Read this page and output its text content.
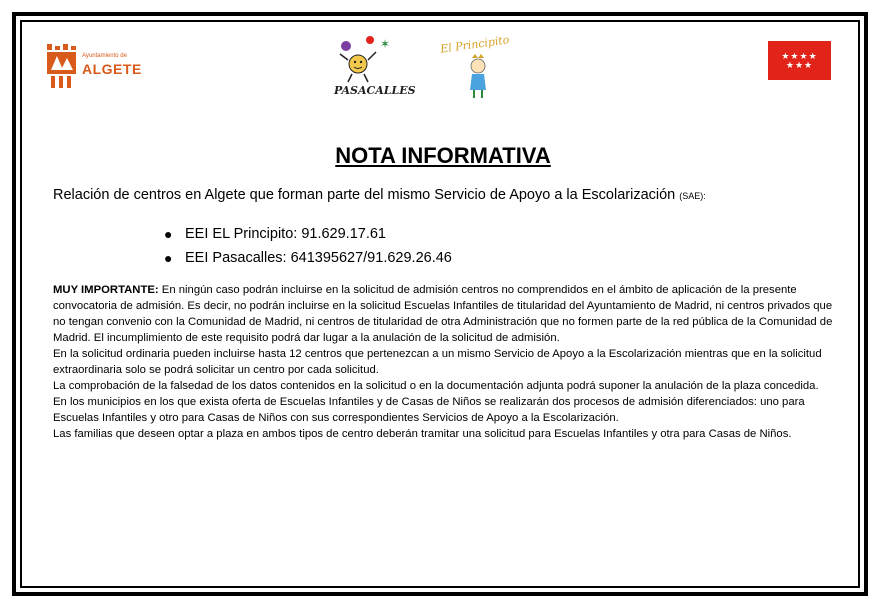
Ayuntamiento de
ALGETE
✶
PASACALLES
El Principito	★★★★
★★★
NOTA INFORMATIVA
Relación de centros en Algete que forman parte del mismo Servicio de Apoyo a la Escolarización (SAE):
● EEI EL Principito: 91.629.17.61
● EEI Pasacalles: 641395627/91.629.26.46

MUY IMPORTANTE: En ningún caso podrán incluirse en la solicitud de admisión centros no comprendidos en el ámbito de aplicación de la presente convocatoria de admisión. Es decir, no podrán incluirse en la solicitud Escuelas Infantiles de titularidad del Ayuntamiento de Madrid, ni centros privados que no tengan convenio con la Comunidad de Madrid, ni centros de titularidad de otra Administración que no formen parte de la red pública de la Comunidad de Madrid. El incumplimiento de este requisito podrá dar lugar a la anulación de la solicitud de admisión.

En la solicitud ordinaria pueden incluirse hasta 12 centros que pertenezcan a un mismo Servicio de Apoyo a la Escolarización mientras que en la solicitud extraordinaria solo se podrá solicitar un centro por cada solicitud.

La comprobación de la falsedad de los datos contenidos en la solicitud o en la documentación adjunta podrá suponer la anulación de la plaza concedida.

En los municipios en los que exista oferta de Escuelas Infantiles y de Casas de Niños se realizarán dos procesos de admisión diferenciados: uno para Escuelas Infantiles y otro para Casas de Niños con sus correspondientes Servicios de Apoyo a la Escolarización.

Las familias que deseen optar a plaza en ambos tipos de centro deberán tramitar una solicitud para Escuelas Infantiles y otra para Casas de Niños.
